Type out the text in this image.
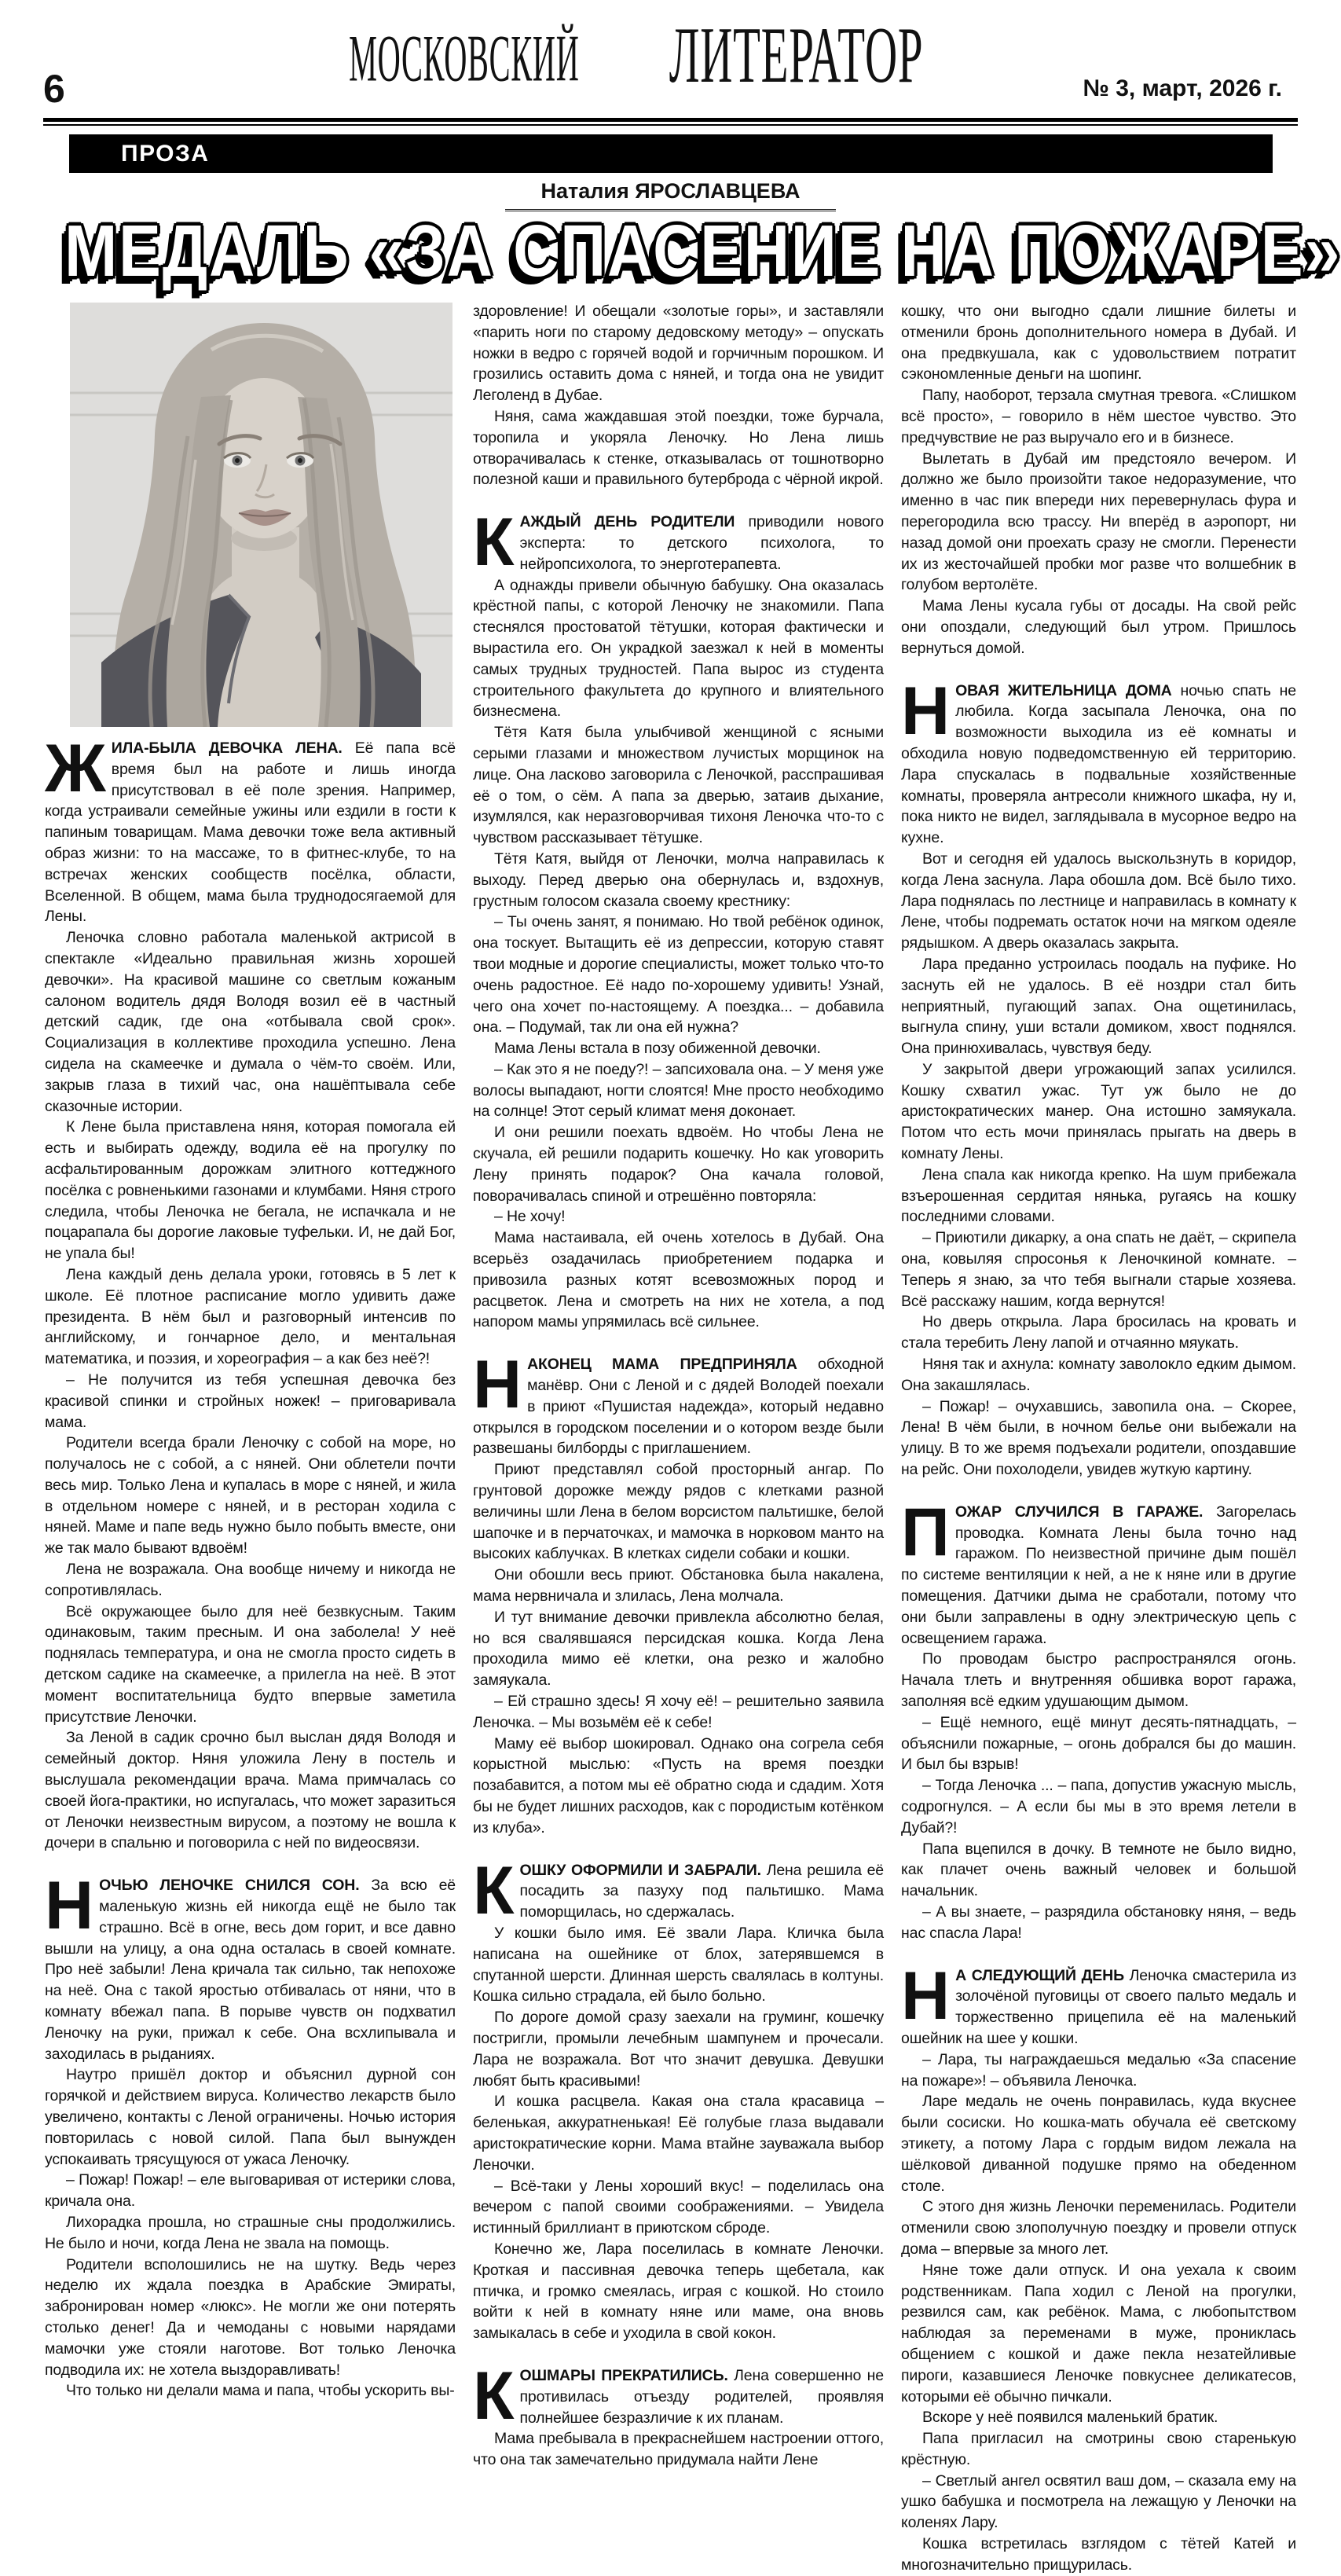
6	МОСКОВСКИЙ ЛИТЕРАТОР	№ 3, март, 2026 г.
ПРОЗА
Наталия ЯРОСЛАВЦЕВА
МЕДАЛЬ «ЗА СПАСЕНИЕ НА ПОЖАРЕ»

ЖИЛА-БЫЛА ДЕВОЧКА ЛЕНА. Её папа всё время был на работе и лишь иногда присутствовал в её поле зрения. Например, когда устраивали семейные ужины или ездили в гости к папиным товарищам. Мама девочки тоже вела активный образ жизни: то на массаже, то в фитнес-клубе, то на встречах женских сообществ посёлка, области, Вселенной. В общем, мама была труднодосягаемой для Лены.

Леночка словно работала маленькой актрисой в спектакле «Идеально правильная жизнь хорошей девочки». На красивой машине со светлым кожаным салоном водитель дядя Володя возил её в частный детский садик, где она «отбывала свой срок». Социализация в коллективе проходила успешно. Лена сидела на скамеечке и думала о чём-то своём. Или, закрыв глаза в тихий час, она нашёптывала себе сказочные истории.

К Лене была приставлена няня, которая помогала ей есть и выбирать одежду, водила её на прогулку по асфальтированным дорожкам элитного коттеджного посёлка с ровненькими газонами и клумбами. Няня строго следила, чтобы Леночка не бегала, не испачкала и не поцарапала бы дорогие лаковые туфельки. И, не дай Бог, не упала бы!

Лена каждый день делала уроки, готовясь в 5 лет к школе. Её плотное расписание могло удивить даже президента. В нём был и разговорный интенсив по английскому, и гончарное дело, и ментальная математика, и поэзия, и хореография – а как без неё?!

– Не получится из тебя успешная девочка без красивой спинки и стройных ножек! – приговаривала мама.

Родители всегда брали Леночку с собой на море, но получалось не с собой, а с няней. Они облетели почти весь мир. Только Лена и купалась в море с няней, и жила в отдельном номере с няней, и в ресторан ходила с няней. Маме и папе ведь нужно было побыть вместе, они же так мало бывают вдвоём!

Лена не возражала. Она вообще ничему и никогда не сопротивлялась.

Всё окружающее было для неё безвкусным. Таким одинаковым, таким пресным. И она заболела! У неё поднялась температура, и она не смогла просто сидеть в детском садике на скамеечке, а прилегла на неё. В этот момент воспитательница будто впервые заметила присутствие Леночки.

За Леной в садик срочно был выслан дядя Володя и семейный доктор. Няня уложила Лену в постель и выслушала рекомендации врача. Мама примчалась со своей йога-практики, но испугалась, что может заразиться от Леночки неизвестным вирусом, а поэтому не вошла к дочери в спальню и поговорила с ней по видеосвязи.

НОЧЬЮ ЛЕНОЧКЕ СНИЛСЯ СОН. За всю её маленькую жизнь ей никогда ещё не было так страшно. Всё в огне, весь дом горит, и все давно вышли на улицу, а она одна осталась в своей комнате. Про неё забыли! Лена кричала так сильно, так непохоже на неё. Она с такой яростью отбивалась от няни, что в комнату вбежал папа. В порыве чувств он подхватил Леночку на руки, прижал к себе. Она всхлипывала и заходилась в рыданиях.

Наутро пришёл доктор и объяснил дурной сон горячкой и действием вируса. Количество лекарств было увеличено, контакты с Леной ограничены. Ночью история повторилась с новой силой. Папа был вынужден успокаивать трясущуюся от ужаса Леночку.

– Пожар! Пожар! – еле выговаривая от истерики слова, кричала она.

Лихорадка прошла, но страшные сны продолжились. Не было и ночи, когда Лена не звала на помощь.

Родители всполошились не на шутку. Ведь через неделю их ждала поездка в Арабские Эмираты, забронирован номер «люкс». Не могли же они потерять столько денег! Да и чемоданы с новыми нарядами мамочки уже стояли наготове. Вот только Леночка подводила их: не хотела выздоравливать!

Что только ни делали мама и папа, чтобы ускорить вы-

здоровление! И обещали «золотые горы», и заставляли «парить ноги по старому дедовскому методу» – опускать ножки в ведро с горячей водой и горчичным порошком. И грозились оставить дома с няней, и тогда она не увидит Леголенд в Дубае.

Няня, сама жаждавшая этой поездки, тоже бурчала, торопила и укоряла Леночку. Но Лена лишь отворачивалась к стенке, отказывалась от тошнотворно полезной каши и правильного бутерброда с чёрной икрой.

КАЖДЫЙ ДЕНЬ РОДИТЕЛИ приводили нового эксперта: то детского психолога, то нейропсихолога, то энерготерапевта.

А однажды привели обычную бабушку. Она оказалась крёстной папы, с которой Леночку не знакомили. Папа стеснялся простоватой тётушки, которая фактически и вырастила его. Он украдкой заезжал к ней в моменты самых трудных трудностей. Папа вырос из студента строительного факультета до крупного и влиятельного бизнесмена.

Тётя Катя была улыбчивой женщиной с ясными серыми глазами и множеством лучистых морщинок на лице. Она ласково заговорила с Леночкой, расспрашивая её о том, о сём. А папа за дверью, затаив дыхание, изумлялся, как неразговорчивая тихоня Леночка что-то с чувством рассказывает тётушке.

Тётя Катя, выйдя от Леночки, молча направилась к выходу. Перед дверью она обернулась и, вздохнув, грустным голосом сказала своему крестнику:

– Ты очень занят, я понимаю. Но твой ребёнок одинок, она тоскует. Вытащить её из депрессии, которую ставят твои модные и дорогие специалисты, может только что-то очень радостное. Её надо по-хорошему удивить! Узнай, чего она хочет по-настоящему. А поездка... – добавила она. – Подумай, так ли она ей нужна?

Мама Лены встала в позу обиженной девочки.

– Как это я не поеду?! – запсиховала она. – У меня уже волосы выпадают, ногти слоятся! Мне просто необходимо на солнце! Этот серый климат меня доконает.

И они решили поехать вдвоём. Но чтобы Лена не скучала, ей решили подарить кошечку. Но как уговорить Лену принять подарок? Она качала головой, поворачивалась спиной и отрешённо повторяла:

– Не хочу!

Мама настаивала, ей очень хотелось в Дубай. Она всерьёз озадачилась приобретением подарка и привозила разных котят всевозможных пород и расцветок. Лена и смотреть на них не хотела, а под напором мамы упрямилась всё сильнее.

НАКОНЕЦ МАМА ПРЕДПРИНЯЛА обходной манёвр. Они с Леной и с дядей Володей поехали в приют «Пушистая надежда», который недавно открылся в городском поселении и о котором везде были развешаны билборды с приглашением.

Приют представлял собой просторный ангар. По грунтовой дорожке между рядов с клетками разной величины шли Лена в белом ворсистом пальтишке, белой шапочке и в перчаточках, и мамочка в норковом манто на высоких каблучках. В клетках сидели собаки и кошки.

Они обошли весь приют. Обстановка была накалена, мама нервничала и злилась, Лена молчала.

И тут внимание девочки привлекла абсолютно белая, но вся свалявшаяся персидская кошка. Когда Лена проходила мимо её клетки, она резко и жалобно замяукала.

– Ей страшно здесь! Я хочу её! – решительно заявила Леночка. – Мы возьмём её к себе!

Маму её выбор шокировал. Однако она согрела себя корыстной мыслью: «Пусть на время поездки позабавится, а потом мы её обратно сюда и сдадим. Хотя бы не будет лишних расходов, как с породистым котёнком из клуба».

КОШКУ ОФОРМИЛИ И ЗАБРАЛИ. Лена решила её посадить за пазуху под пальтишко. Мама поморщилась, но сдержалась.

У кошки было имя. Её звали Лара. Кличка была написана на ошейнике от блох, затерявшемся в спутанной шерсти. Длинная шерсть свалялась в колтуны. Кошка сильно страдала, ей было больно.

По дороге домой сразу заехали на груминг, кошечку постригли, промыли лечебным шампунем и прочесали. Лара не возражала. Вот что значит девушка. Девушки любят быть красивыми!

И кошка расцвела. Какая она стала красавица – беленькая, аккуратненькая! Её голубые глаза выдавали аристократические корни. Мама втайне зауважала выбор Леночки.

– Всё-таки у Лены хороший вкус! – поделилась она вечером с папой своими соображениями. – Увидела истинный бриллиант в приютском сброде.

Конечно же, Лара поселилась в комнате Леночки. Кроткая и пассивная девочка теперь щебетала, как птичка, и громко смеялась, играя с кошкой. Но стоило войти к ней в комнату няне или маме, она вновь замыкалась в себе и уходила в свой кокон.

КОШМАРЫ ПРЕКРАТИЛИСЬ. Лена совершенно не противилась отъезду родителей, проявляя полнейшее безразличие к их планам.

Мама пребывала в прекраснейшем настроении оттого, что она так замечательно придумала найти Лене

кошку, что они выгодно сдали лишние билеты и отменили бронь дополнительного номера в Дубай. И она предвкушала, как с удовольствием потратит сэкономленные деньги на шопинг.

Папу, наоборот, терзала смутная тревога. «Слишком всё просто», – говорило в нём шестое чувство. Это предчувствие не раз выручало его и в бизнесе.

Вылетать в Дубай им предстояло вечером. И должно же было произойти такое недоразумение, что именно в час пик впереди них перевернулась фура и перегородила всю трассу. Ни вперёд в аэропорт, ни назад домой они проехать сразу не смогли. Перенести их из жесточайшей пробки мог разве что волшебник в голубом вертолёте.

Мама Лены кусала губы от досады. На свой рейс они опоздали, следующий был утром. Пришлось вернуться домой.

НОВАЯ ЖИТЕЛЬНИЦА ДОМА ночью спать не любила. Когда засыпала Леночка, она по возможности выходила из её комнаты и обходила новую подведомственную ей территорию. Лара спускалась в подвальные хозяйственные комнаты, проверяла антресоли книжного шкафа, ну и, пока никто не видел, заглядывала в мусорное ведро на кухне.

Вот и сегодня ей удалось выскользнуть в коридор, когда Лена заснула. Лара обошла дом. Всё было тихо. Лара поднялась по лестнице и направилась в комнату к Лене, чтобы подремать остаток ночи на мягком одеяле рядышком. А дверь оказалась закрыта.

Лара преданно устроилась поодаль на пуфике. Но заснуть ей не удалось. В её ноздри стал бить неприятный, пугающий запах. Она ощетинилась, выгнула спину, уши встали домиком, хвост поднялся. Она принюхивалась, чувствуя беду.

У закрытой двери угрожающий запах усилился. Кошку схватил ужас. Тут уж было не до аристократических манер. Она истошно замяукала. Потом что есть мочи принялась прыгать на дверь в комнату Лены.

Лена спала как никогда крепко. На шум прибежала взъерошенная сердитая нянька, ругаясь на кошку последними словами.

– Приютили дикарку, а она спать не даёт, – скрипела она, ковыляя спросонья к Леночкиной комнате. – Теперь я знаю, за что тебя выгнали старые хозяева. Всё расскажу нашим, когда вернутся!

Но дверь открыла. Лара бросилась на кровать и стала теребить Лену лапой и отчаянно мяукать.

Няня так и ахнула: комнату заволокло едким дымом. Она закашлялась.

– Пожар! – очухавшись, завопила она. – Скорее, Лена! В чём были, в ночном белье они выбежали на улицу. В то же время подъехали родители, опоздавшие на рейс. Они похолодели, увидев жуткую картину.

ПОЖАР СЛУЧИЛСЯ В ГАРАЖЕ. Загорелась проводка. Комната Лены была точно над гаражом. По неизвестной причине дым пошёл по системе вентиляции к ней, а не к няне или в другие помещения. Датчики дыма не сработали, потому что они были заправлены в одну электрическую цепь с освещением гаража.

По проводам быстро распространялся огонь. Начала тлеть и внутренняя обшивка ворот гаража, заполняя всё едким удушающим дымом.

– Ещё немного, ещё минут десять-пятнадцать, – объяснили пожарные, – огонь добрался бы до машин. И был бы взрыв!

– Тогда Леночка ... – папа, допустив ужасную мысль, содрогнулся. – А если бы мы в это время летели в Дубай?!

Папа вцепился в дочку. В темноте не было видно, как плачет очень важный человек и большой начальник.

– А вы знаете, – разрядила обстановку няня, – ведь нас спасла Лара!

Н А СЛЕДУЮЩИЙ ДЕНЬ Леночка смастерила из золочёной пуговицы от своего пальто медаль и торжественно прицепила её на маленький ошейник на шее у кошки.

– Лара, ты награждаешься медалью «За спасение на пожаре»! – объявила Леночка.

Ларе медаль не очень понравилась, куда вкуснее были сосиски. Но кошка-мать обучала её светскому этикету, а потому Лара с гордым видом лежала на шёлковой диванной подушке прямо на обеденном столе.

С этого дня жизнь Леночки переменилась. Родители отменили свою злополучную поездку и провели отпуск дома – впервые за много лет.

Няне тоже дали отпуск. И она уехала к своим родственникам. Папа ходил с Леной на прогулки, резвился сам, как ребёнок. Мама, с любопытством наблюдая за переменами в муже, прониклась общением с кошкой и даже пекла незатейливые пироги, казавшиеся Леночке повкуснее деликатесов, которыми её обычно пичкали.

Вскоре у неё появился маленький братик.

Папа пригласил на смотрины свою старенькую крёстную.

– Светлый ангел освятил ваш дом, – сказала ему на ушко бабушка и посмотрела на лежащую у Леночки на коленях Лару.

Кошка встретилась взглядом с тётей Катей и многозначительно прищурилась.
